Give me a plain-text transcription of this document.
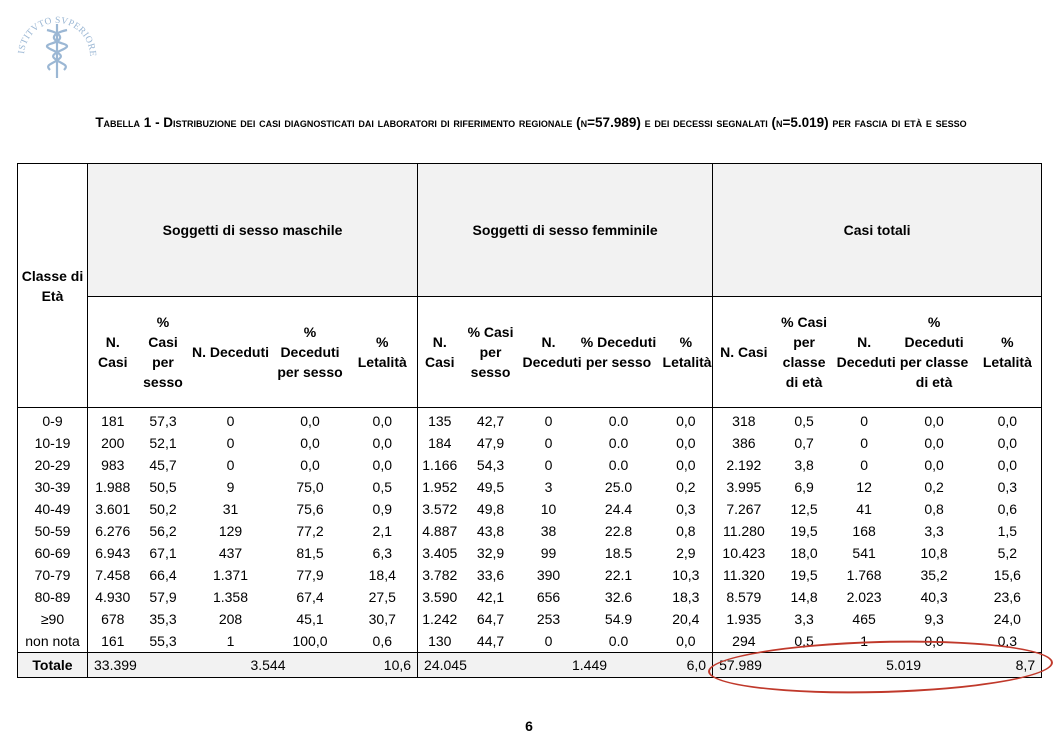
ISTITVTO SVPERIORE
Tabella 1 - Distribuzione dei casi diagnosticati dai laboratori di riferimento regionale (n=57.989) e dei decessi segnalati (n=5.019) per fascia di età e sesso
Classe di Età	Soggetti di sesso maschile					Soggetti di sesso femminile					Casi totali				
	N. Casi	% Casi per sesso	N. Deceduti	% Deceduti per sesso	% Letalità	N. Casi	% Casi per sesso	N. Deceduti	% Deceduti per sesso	% Letalità	N. Casi	% Casi per classe di età	N. Deceduti	% Deceduti per classe di età	% Letalità
0-9	181	57,3	0	0,0	0,0	135	42,7	0	0.0	0,0	318	0,5	0	0,0	0,0
10-19	200	52,1	0	0,0	0,0	184	47,9	0	0.0	0,0	386	0,7	0	0,0	0,0
20-29	983	45,7	0	0,0	0,0	1.166	54,3	0	0.0	0,0	2.192	3,8	0	0,0	0,0
30-39	1.988	50,5	9	75,0	0,5	1.952	49,5	3	25.0	0,2	3.995	6,9	12	0,2	0,3
40-49	3.601	50,2	31	75,6	0,9	3.572	49,8	10	24.4	0,3	7.267	12,5	41	0,8	0,6
50-59	6.276	56,2	129	77,2	2,1	4.887	43,8	38	22.8	0,8	11.280	19,5	168	3,3	1,5
60-69	6.943	67,1	437	81,5	6,3	3.405	32,9	99	18.5	2,9	10.423	18,0	541	10,8	5,2
70-79	7.458	66,4	1.371	77,9	18,4	3.782	33,6	390	22.1	10,3	11.320	19,5	1.768	35,2	15,6
80-89	4.930	57,9	1.358	67,4	27,5	3.590	42,1	656	32.6	18,3	8.579	14,8	2.023	40,3	23,6
≥90	678	35,3	208	45,1	30,7	1.242	64,7	253	54.9	20,4	1.935	3,3	465	9,3	24,0
non nota	161	55,3	1	100,0	0,6	130	44,7	0	0.0	0,0	294	0,5	1	0,0	0,3
Totale	33.399		3.544		10,6	24.045		1.449		6,0	57.989		5.019		8,7
6
